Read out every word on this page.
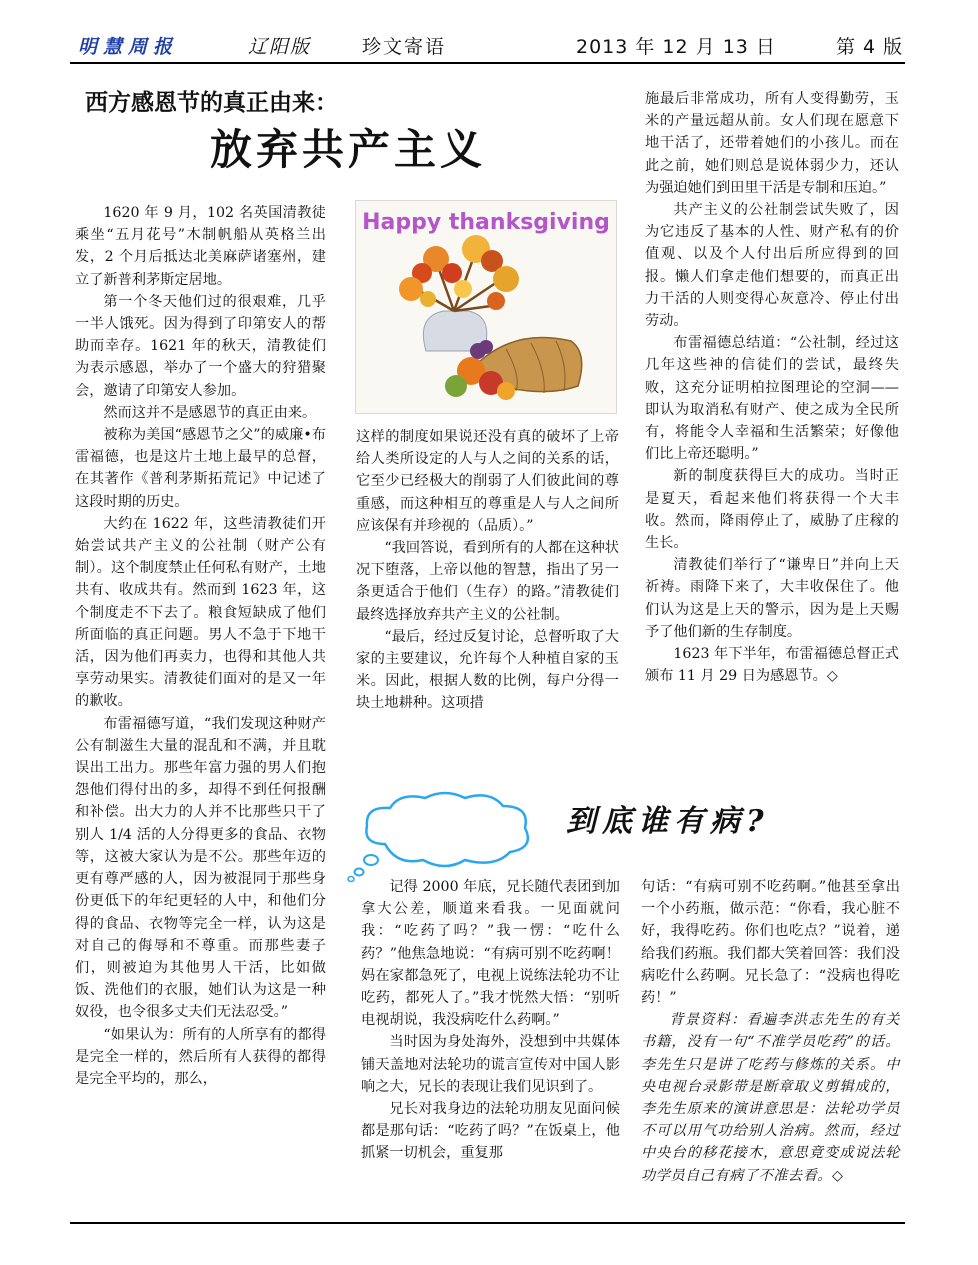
明慧周报	辽阳版	珍文寄语	2013 年 12 月 13 日	第 4 版
西方感恩节的真正由来：
放弃共产主义

1620 年 9 月，102 名英国清教徒乘坐“五月花号”木制帆船从英格兰出发，2 个月后抵达北美麻萨诸塞州，建立了新普利茅斯定居地。

第一个冬天他们过的很艰难，几乎一半人饿死。因为得到了印第安人的帮助而幸存。1621 年的秋天，清教徒们为表示感恩，举办了一个盛大的狩猎聚会，邀请了印第安人参加。

然而这并不是感恩节的真正由来。

被称为美国“感恩节之父”的威廉•布雷福德，也是这片土地上最早的总督，在其著作《普利茅斯拓荒记》中记述了这段时期的历史。

大约在 1622 年，这些清教徒们开始尝试共产主义的公社制（财产公有制）。这个制度禁止任何私有财产，土地共有、收成共有。然而到 1623 年，这个制度走不下去了。粮食短缺成了他们所面临的真正问题。男人不急于下地干活，因为他们再卖力，也得和其他人共享劳动果实。清教徒们面对的是又一年的歉收。

布雷福德写道，“我们发现这种财产公有制滋生大量的混乱和不满，并且耽误出工出力。那些年富力强的男人们抱怨他们得付出的多，却得不到任何报酬和补偿。出大力的人并不比那些只干了别人 1/4 活的人分得更多的食品、衣物等，这被大家认为是不公。那些年迈的更有尊严感的人，因为被混同于那些身份更低下的年纪更轻的人中，和他们分得的食品、衣物等完全一样，认为这是对自己的侮辱和不尊重。而那些妻子们，则被迫为其他男人干活，比如做饭、洗他们的衣服，她们认为这是一种奴役，也令很多丈夫们无法忍受。”

“如果认为：所有的人所享有的都得是完全一样的，然后所有人获得的都得是完全平均的，那么，

Happy thanksgiving

这样的制度如果说还没有真的破坏了上帝给人类所设定的人与人之间的关系的话，它至少已经极大的削弱了人们彼此间的尊重感，而这种相互的尊重是人与人之间所应该保有并珍视的（品质）。”

“我回答说，看到所有的人都在这种状况下堕落，上帝以他的智慧，指出了另一条更适合于他们（生存）的路。”清教徒们最终选择放弃共产主义的公社制。

“最后，经过反复讨论，总督听取了大家的主要建议，允许每个人种植自家的玉米。因此，根据人数的比例，每户分得一块土地耕种。这项措

施最后非常成功，所有人变得勤劳，玉米的产量远超从前。女人们现在愿意下地干活了，还带着她们的小孩儿。而在此之前，她们则总是说体弱少力，还认为强迫她们到田里干活是专制和压迫。”

共产主义的公社制尝试失败了，因为它违反了基本的人性、财产私有的价值观、以及个人付出后所应得到的回报。懒人们拿走他们想要的，而真正出力干活的人则变得心灰意冷、停止付出劳动。

布雷福德总结道：“公社制，经过这几年这些神的信徒们的尝试，最终失败，这充分证明柏拉图理论的空洞——即认为取消私有财产、使之成为全民所有，将能令人幸福和生活繁荣；好像他们比上帝还聪明。”

新的制度获得巨大的成功。当时正是夏天，看起来他们将获得一个大丰收。然而，降雨停止了，威胁了庄稼的生长。

清教徒们举行了“谦卑日”并向上天祈祷。雨降下来了，大丰收保住了。他们认为这是上天的警示，因为是上天赐予了他们新的生存制度。

1623 年下半年，布雷福德总督正式颁布 11 月 29 日为感恩节。◇

到底谁有病?

记得 2000 年底，兄长随代表团到加拿大公差，顺道来看我。一见面就问我：“吃药了吗？”我一愣：“吃什么药？”他焦急地说：“有病可别不吃药啊！妈在家都急死了，电视上说练法轮功不让吃药，都死人了。”我才恍然大悟：“别听电视胡说，我没病吃什么药啊。”

当时因为身处海外，没想到中共媒体铺天盖地对法轮功的谎言宣传对中国人影响之大，兄长的表现让我们见识到了。

兄长对我身边的法轮功朋友见面问候都是那句话：“吃药了吗？”在饭桌上，他抓紧一切机会，重复那

句话：“有病可别不吃药啊。”他甚至拿出一个小药瓶，做示范：“你看，我心脏不好，我得吃药。你们也吃点？”说着，递给我们药瓶。我们都大笑着回答：我们没病吃什么药啊。兄长急了：“没病也得吃药！”

背景资料：看遍李洪志先生的有关书籍，没有一句“不准学员吃药”的话。李先生只是讲了吃药与修炼的关系。中央电视台录影带是断章取义剪辑成的，李先生原来的演讲意思是：法轮功学员不可以用气功给别人治病。然而，经过中央台的移花接木，意思竟变成说法轮功学员自己有病了不准去看。◇
